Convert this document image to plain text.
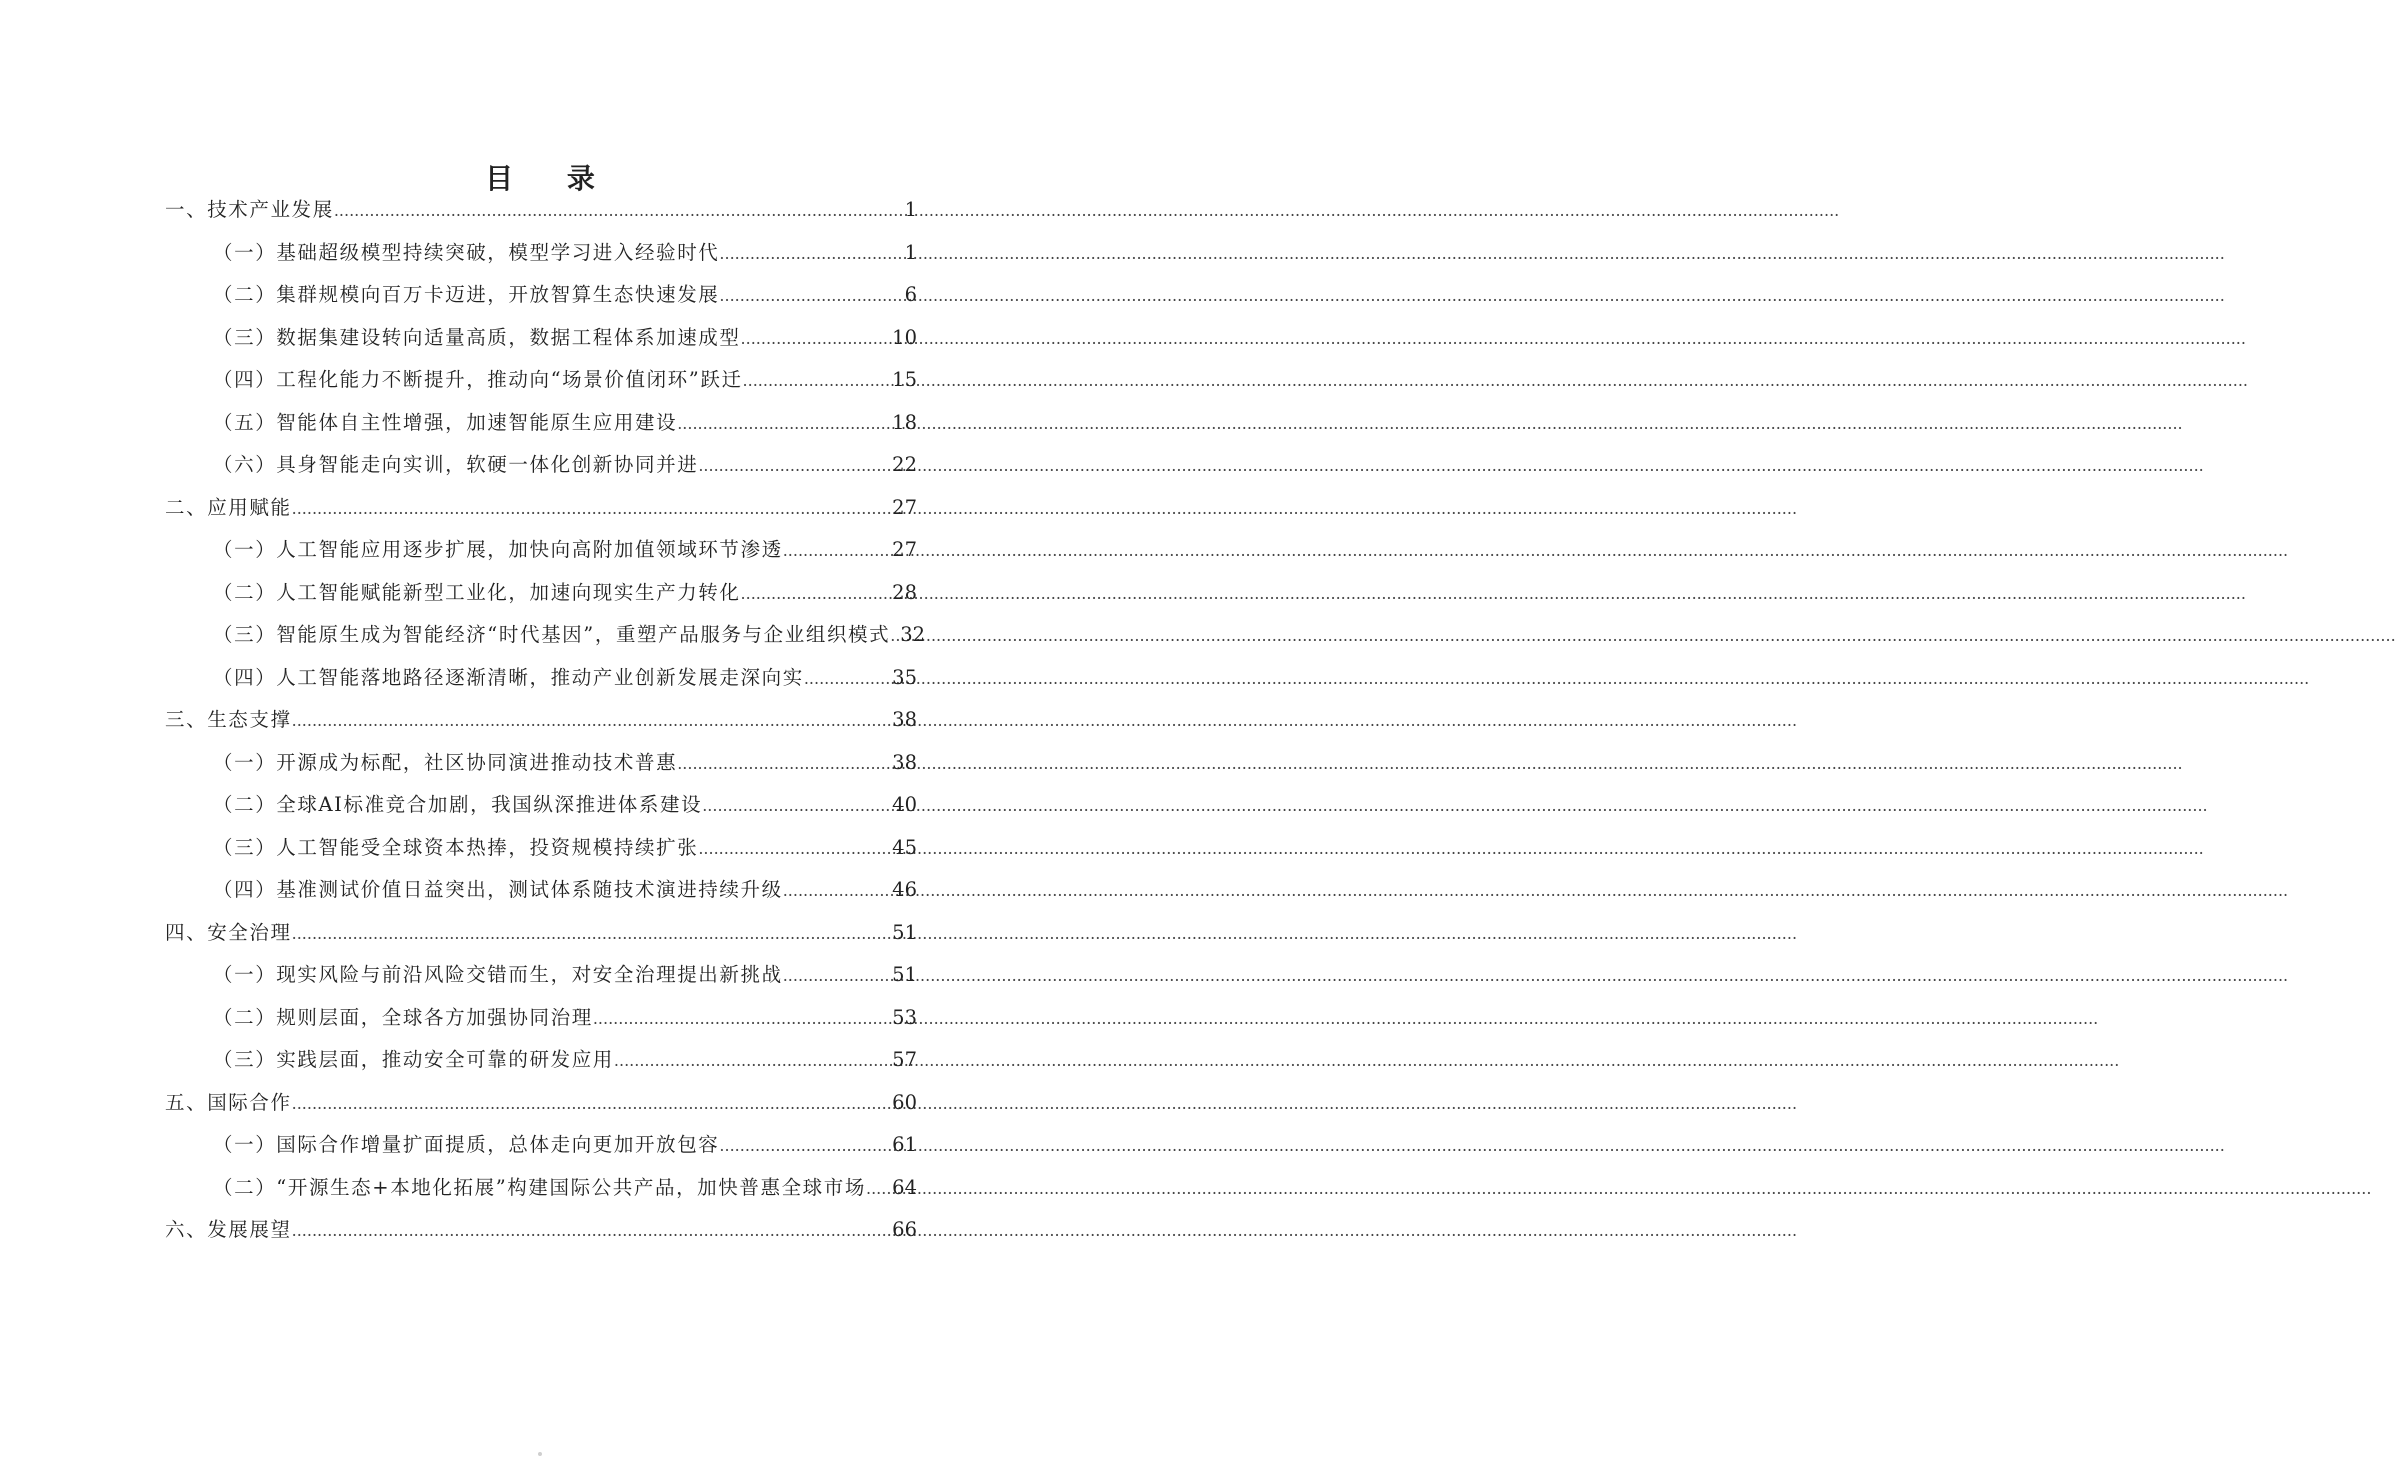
目 录
一、技术产业发展 .....	1
（一）基础超级模型持续突破，模型学习进入经验时代 .....	1
（二）集群规模向百万卡迈进，开放智算生态快速发展 .....	6
（三）数据集建设转向适量高质，数据工程体系加速成型 .....	10
（四）工程化能力不断提升，推动向“场景价值闭环”跃迁 .....	15
（五）智能体自主性增强，加速智能原生应用建设 .....	18
（六）具身智能走向实训，软硬一体化创新协同并进 .....	22
二、应用赋能 .....	27
（一）人工智能应用逐步扩展，加快向高附加值领域环节渗透 .....	27
（二）人工智能赋能新型工业化，加速向现实生产力转化 .....	28
（三）智能原生成为智能经济“时代基因”，重塑产品服务与企业组织模式 ..... 32
（四）人工智能落地路径逐渐清晰，推动产业创新发展走深向实 .....	35
三、生态支撑 .....	38
（一）开源成为标配，社区协同演进推动技术普惠 .....	38
（二）全球AI标准竞合加剧，我国纵深推进体系建设 .....	40
（三）人工智能受全球资本热捧，投资规模持续扩张 .....	45
（四）基准测试价值日益突出，测试体系随技术演进持续升级 .....	46
四、安全治理 .....	51
（一）现实风险与前沿风险交错而生，对安全治理提出新挑战 .....	51
（二）规则层面，全球各方加强协同治理 .....	53
（三）实践层面，推动安全可靠的研发应用 .....	57
五、国际合作 .....	60
（一）国际合作增量扩面提质，总体走向更加开放包容 .....	61
（二）“开源生态+本地化拓展”构建国际公共产品，加快普惠全球市场 ..... 64
六、发展展望 .....	66
